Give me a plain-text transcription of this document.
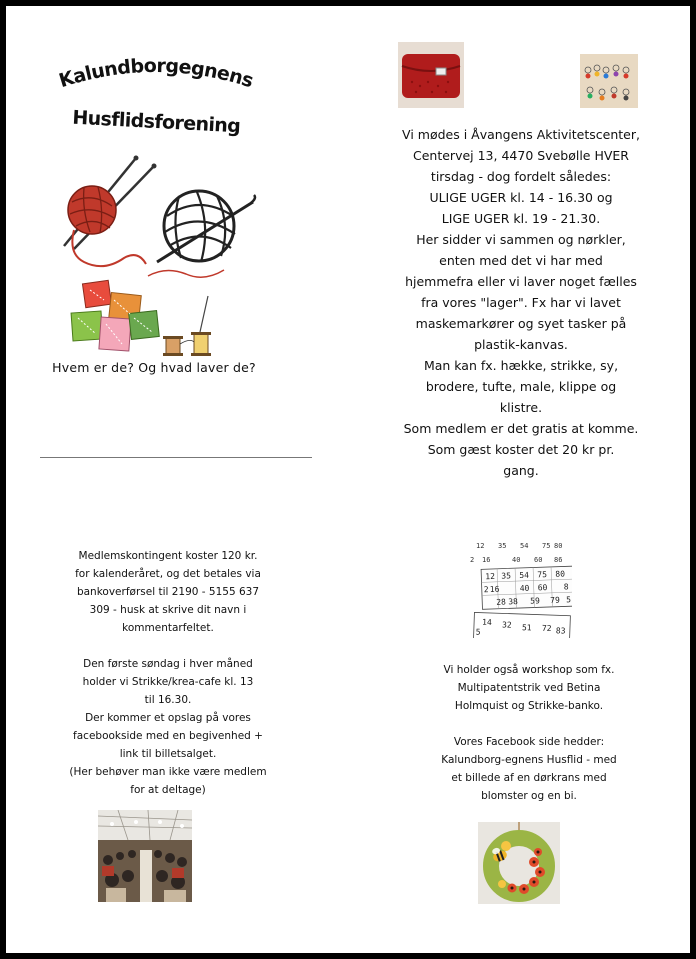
Kalundborgegnens
Husflidsforening
Hvem er de? Og hvad laver de?
Vi mødes i Åvangens Aktivitetscenter,
Centervej 13, 4470 Svebølle HVER
tirsdag - dog fordelt således:
ULIGE UGER kl. 14 - 16.30 og
LIGE UGER kl. 19 - 21.30.
Her sidder vi sammen og nørkler,
enten med det vi har med
hjemmefra eller vi laver noget fælles
fra vores "lager". Fx har vi lavet
maskemarkører og syet tasker på
plastik-kanvas.
Man kan fx. hække, strikke, sy,
brodere, tufte, male, klippe og
klistre.
Som medlem er det gratis at komme.
Som gæst koster det 20 kr pr.
gang.
Medlemskontingent koster 120 kr.
for kalenderåret, og det betales via
bankoverførsel til 2190 - 5155 637
309 - husk at skrive dit navn i
kommentarfeltet.
Den første søndag i hver måned
holder vi Strikke/krea-cafe kl. 13
til 16.30.
Der kommer et opslag på vores
facebookside med en begivenhed +
link til billetsalget.
(Her behøver man ikke være medlem
for at deltage)
12 35 54 75 80
2 16	40 60 86
12 35 54 75 80
2 16	40 60 8
28 38 59 79 5
14 32 51 72 83
5
Vi holder også workshop som fx.
Multipatentstrik ved Betina
Holmquist og Strikke-banko.
Vores Facebook side hedder:
Kalundborg-egnens Husflid - med
et billede af en dørkrans med
blomster og en bi.
